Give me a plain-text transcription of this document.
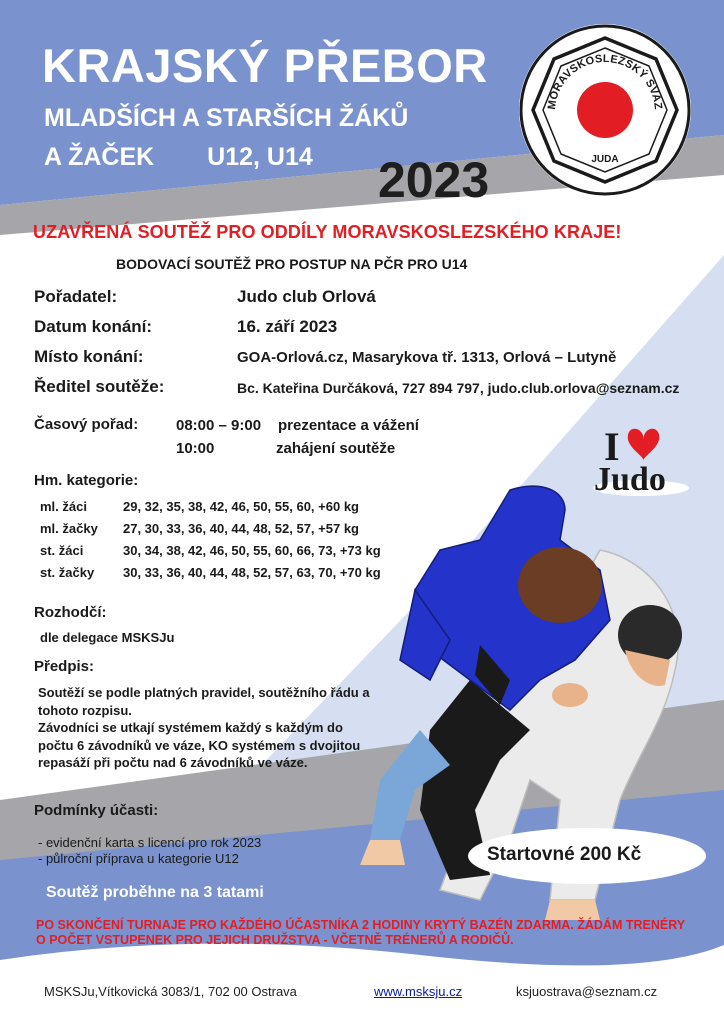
KRAJSKÝ PŘEBOR
MLADŠÍCH A STARŠÍCH ŽÁKŮ
A ŽAČEK U12, U14 2023
MORAVSKOSLEZSKÝ SVAZ
JUDA
UZAVŘENÁ SOUTĚŽ PRO ODDÍLY MORAVSKOSLEZSKÉHO KRAJE!
BODOVACÍ SOUTĚŽ PRO POSTUP NA PČR PRO U14
Pořadatel:	Judo club Orlová
Datum konání:	16. září 2023
Místo konání:	GOA-Orlová.cz, Masarykova tř. 1313, Orlová – Lutyně
Ředitel soutěže:	Bc. Kateřina Durčáková, 727 894 797, judo.club.orlova@seznam.cz
Časový pořad:	08:00 – 9:00 prezentace a vážení
10:00	zahájení soutěže
Hm. kategorie:
ml. žáci	29, 32, 35, 38, 42, 46, 50, 55, 60, +60 kg
ml. žačky 27, 30, 33, 36, 40, 44, 48, 52, 57, +57 kg
st. žáci	30, 34, 38, 42, 46, 50, 55, 60, 66, 73, +73 kg
st. žačky 30, 33, 36, 40, 44, 48, 52, 57, 63, 70, +70 kg
Rozhodčí:
dle delegace MSKSJu
Předpis:
Soutěží se podle platných pravidel, soutěžního řádu a tohoto rozpisu.
Závodníci se utkají systémem každý s každým do počtu 6 závodníků ve váze, KO systémem s dvojitou repasáží při počtu nad 6 závodníků ve váze.
Podmínky účasti:
- evidenční karta s licencí pro rok 2023
- půlroční příprava u kategorie U12
I
Judo
Startovné 200 Kč
Soutěž proběhne na 3 tatami
PO SKONČENÍ TURNAJE PRO KAŽDÉHO ÚČASTNÍKA 2 HODINY KRYTÝ BAZÉN ZDARMA. ŽÁDÁM TRENÉRY O POČET VSTUPENEK PRO JEJICH DRUŽSTVA - VČETNĚ TRÉNERŮ A RODIČŮ.
MSKSJu,Vítkovická 3083/1, 702 00 Ostrava	www.msksju.cz	ksjuostrava@seznam.cz
